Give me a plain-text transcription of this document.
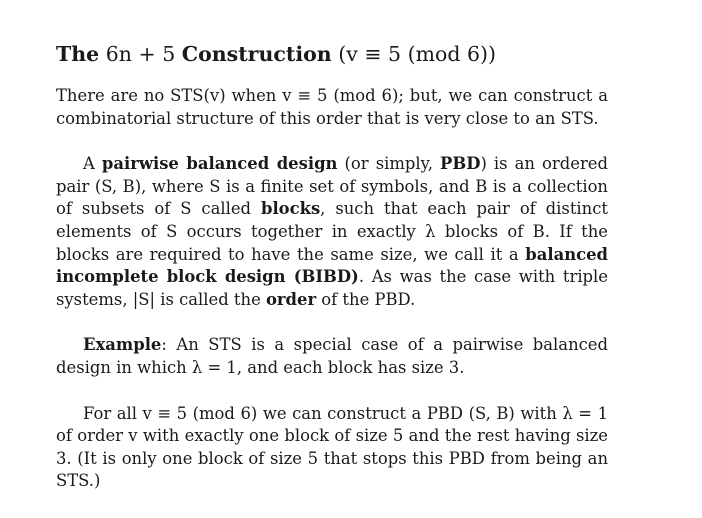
The 6n + 5 Construction (v ≡ 5 (mod 6))

There are no STS(v) when v ≡ 5 (mod 6); but, we can construct a combinatorial structure of this order that is very close to an STS.

A pairwise balanced design (or simply, PBD) is an ordered pair (S, B), where S is a finite set of symbols, and B is a collection of subsets of S called blocks, such that each pair of distinct elements of S occurs together in exactly λ blocks of B. If the blocks are required to have the same size, we call it a balanced incomplete block design (BIBD). As was the case with triple systems, |S| is called the order of the PBD.

Example: An STS is a special case of a pairwise balanced design in which λ = 1, and each block has size 3.

For all v ≡ 5 (mod 6) we can construct a PBD (S, B) with λ = 1 of order v with exactly one block of size 5 and the rest having size 3. (It is only one block of size 5 that stops this PBD from being an STS.)
